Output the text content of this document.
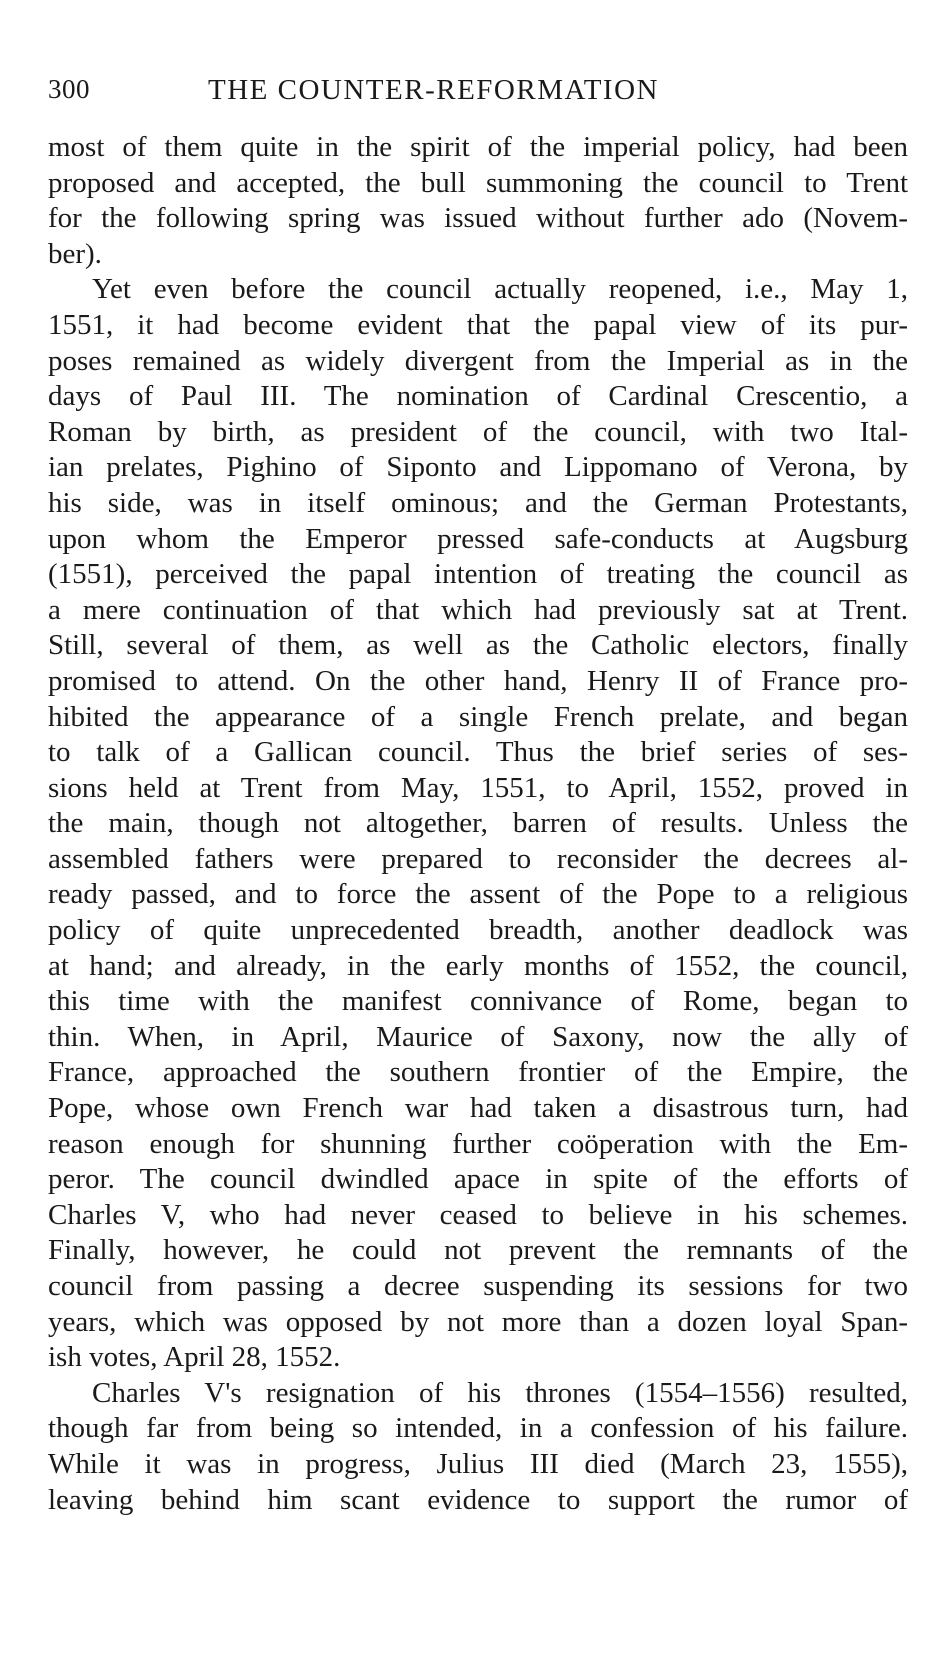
300	THE COUNTER-REFORMATION
most of them quite in the spirit of the imperial policy, had been
proposed and accepted, the bull summoning the council to Trent
for the following spring was issued without further ado (Novem-
ber).
Yet even before the council actually reopened, i.e., May 1,
1551, it had become evident that the papal view of its pur-
poses remained as widely divergent from the Imperial as in the
days of Paul III. The nomination of Cardinal Crescentio, a
Roman by birth, as president of the council, with two Ital-
ian prelates, Pighino of Siponto and Lippomano of Verona, by
his side, was in itself ominous; and the German Protestants,
upon whom the Emperor pressed safe-conducts at Augsburg
(1551), perceived the papal intention of treating the council as
a mere continuation of that which had previously sat at Trent.
Still, several of them, as well as the Catholic electors, finally
promised to attend. On the other hand, Henry II of France pro-
hibited the appearance of a single French prelate, and began
to talk of a Gallican council. Thus the brief series of ses-
sions held at Trent from May, 1551, to April, 1552, proved in
the main, though not altogether, barren of results. Unless the
assembled fathers were prepared to reconsider the decrees al-
ready passed, and to force the assent of the Pope to a religious
policy of quite unprecedented breadth, another deadlock was
at hand; and already, in the early months of 1552, the council,
this time with the manifest connivance of Rome, began to
thin. When, in April, Maurice of Saxony, now the ally of
France, approached the southern frontier of the Empire, the
Pope, whose own French war had taken a disastrous turn, had
reason enough for shunning further coöperation with the Em-
peror. The council dwindled apace in spite of the efforts of
Charles V, who had never ceased to believe in his schemes.
Finally, however, he could not prevent the remnants of the
council from passing a decree suspending its sessions for two
years, which was opposed by not more than a dozen loyal Span-
ish votes, April 28, 1552.
Charles V's resignation of his thrones (1554–1556) resulted,
though far from being so intended, in a confession of his failure.
While it was in progress, Julius III died (March 23, 1555),
leaving behind him scant evidence to support the rumor of
